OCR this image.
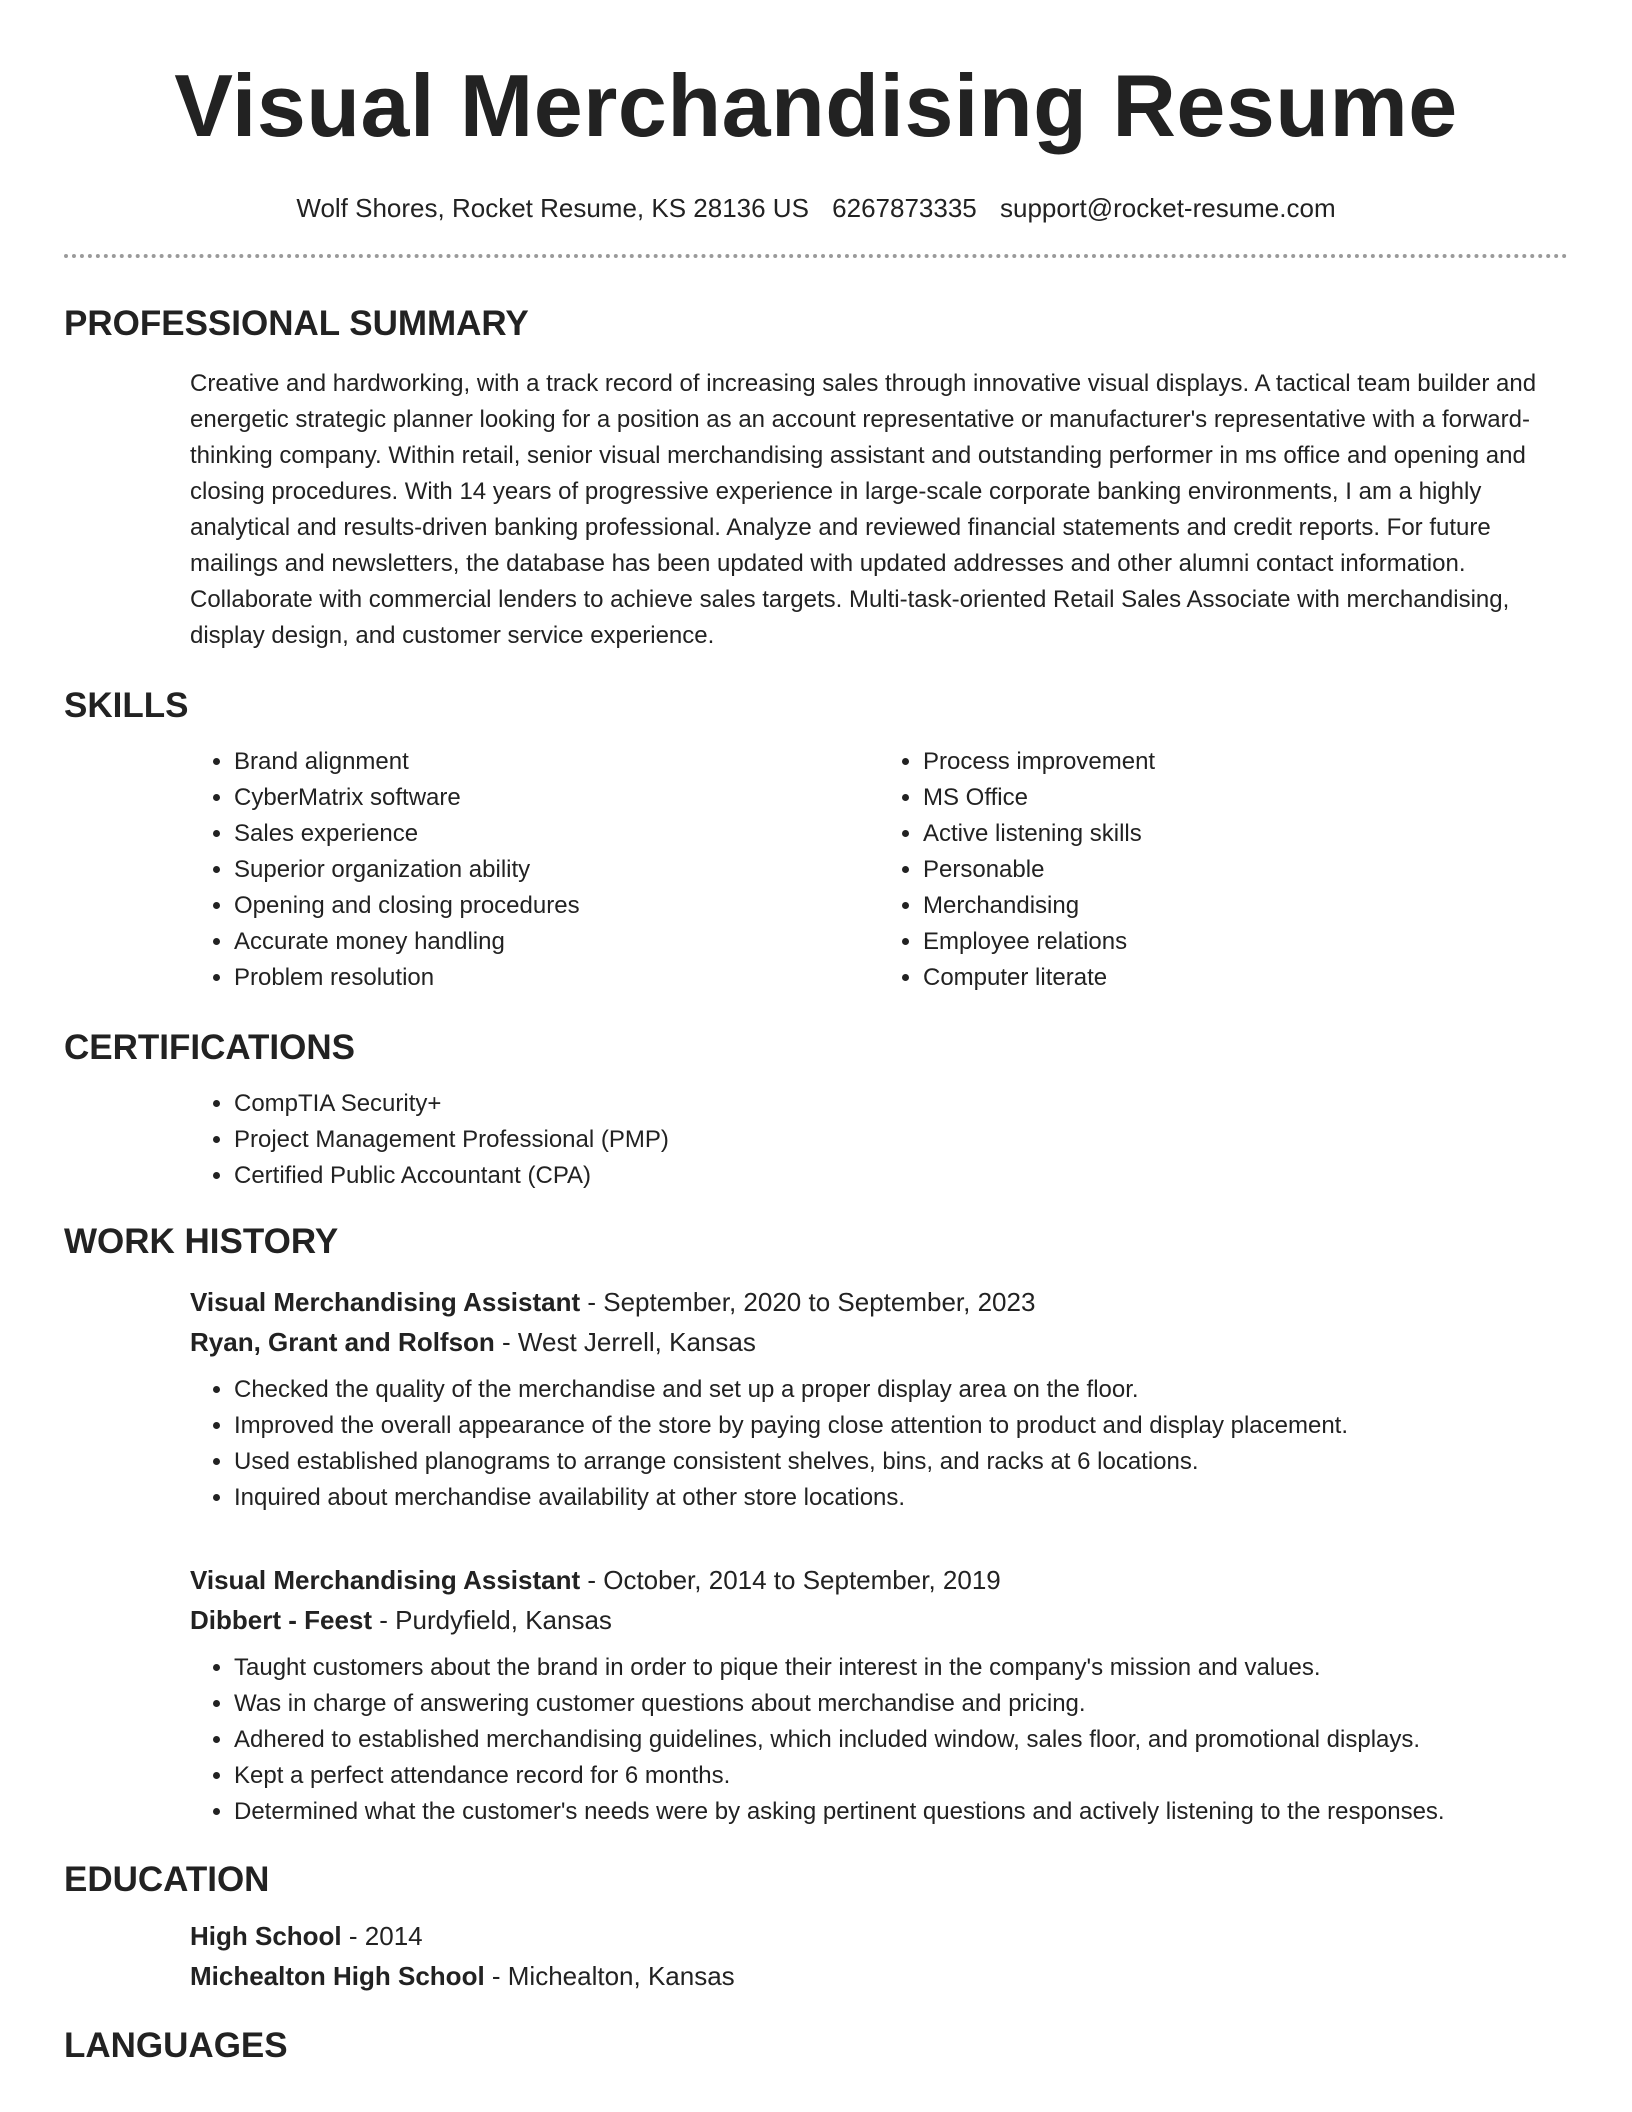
Visual Merchandising Resume
Wolf Shores, Rocket Resume, KS 28136 US 6267873335 support@rocket-resume.com
PROFESSIONAL SUMMARY
Creative and hardworking, with a track record of increasing sales through innovative visual displays. A tactical team builder and energetic strategic planner looking for a position as an account representative or manufacturer's representative with a forward-thinking company. Within retail, senior visual merchandising assistant and outstanding performer in ms office and opening and closing procedures. With 14 years of progressive experience in large-scale corporate banking environments, I am a highly analytical and results-driven banking professional. Analyze and reviewed financial statements and credit reports. For future mailings and newsletters, the database has been updated with updated addresses and other alumni contact information. Collaborate with commercial lenders to achieve sales targets. Multi-task-oriented Retail Sales Associate with merchandising, display design, and customer service experience.
SKILLS
• Brand alignment
• CyberMatrix software
• Sales experience
• Superior organization ability
• Opening and closing procedures
• Accurate money handling
• Problem resolution
• Process improvement
• MS Office
• Active listening skills
• Personable
• Merchandising
• Employee relations
• Computer literate
CERTIFICATIONS
• CompTIA Security+
• Project Management Professional (PMP)
• Certified Public Accountant (CPA)
WORK HISTORY
Visual Merchandising Assistant - September, 2020 to September, 2023
Ryan, Grant and Rolfson - West Jerrell, Kansas
• Checked the quality of the merchandise and set up a proper display area on the floor.
• Improved the overall appearance of the store by paying close attention to product and display placement.
• Used established planograms to arrange consistent shelves, bins, and racks at 6 locations.
• Inquired about merchandise availability at other store locations.
Visual Merchandising Assistant - October, 2014 to September, 2019
Dibbert - Feest - Purdyfield, Kansas
• Taught customers about the brand in order to pique their interest in the company's mission and values.
• Was in charge of answering customer questions about merchandise and pricing.
• Adhered to established merchandising guidelines, which included window, sales floor, and promotional displays.
• Kept a perfect attendance record for 6 months.
• Determined what the customer's needs were by asking pertinent questions and actively listening to the responses.
EDUCATION
High School - 2014
Michealton High School - Michealton, Kansas
LANGUAGES
